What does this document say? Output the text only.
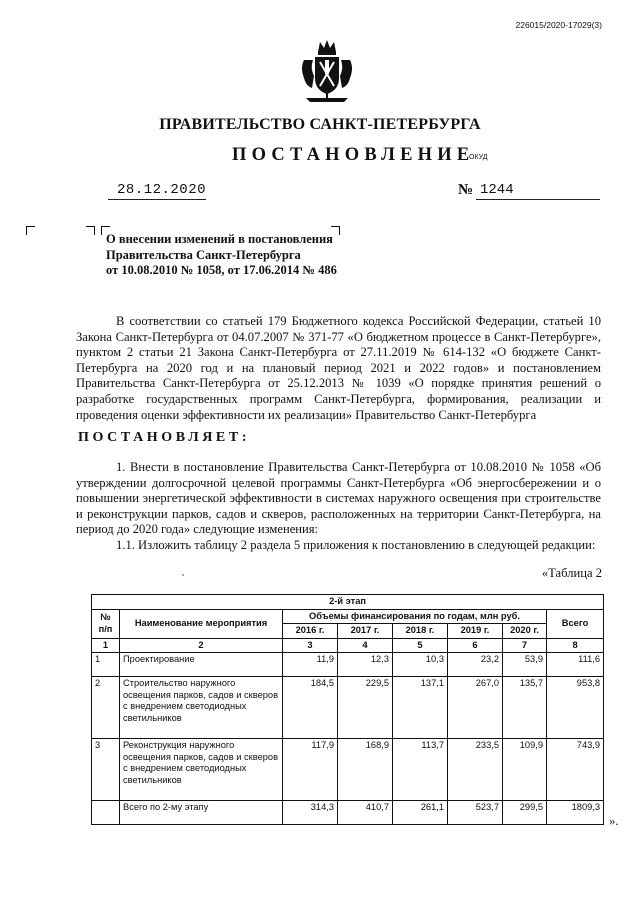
226015/2020-17029(3)
ПРАВИТЕЛЬСТВО САНКТ-ПЕТЕРБУРГА
ПОСТАНОВЛЕНИЕ
ОКУД
28.12.2020	№ 1244
О внесении изменений в постановления
Правительства Санкт-Петербурга
от 10.08.2010 № 1058, от 17.06.2014 № 486

В соответствии со статьей 179 Бюджетного кодекса Российской Федерации, статьей 10 Закона Санкт-Петербурга от 04.07.2007 № 371-77 «О бюджетном процессе в Санкт-Петербурге», пунктом 2 статьи 21 Закона Санкт-Петербурга от 27.11.2019 № 614-132 «О бюджете Санкт-Петербурга на 2020 год и на плановый период 2021 и 2022 годов» и постановлением Правительства Санкт-Петербурга от 25.12.2013 № 1039 «О порядке принятия решений о разработке государственных программ Санкт-Петербурга, формирования, реализации и проведения оценки эффективности их реализации» Правительство Санкт-Петербурга

ПОСТАНОВЛЯЕТ:

1. Внести в постановление Правительства Санкт-Петербурга от 10.08.2010 № 1058 «Об утверждении долгосрочной целевой программы Санкт-Петербурга «Об энергосбережении и о повышении энергетической эффективности в системах наружного освещения при строительстве и реконструкции парков, садов и скверов, расположенных на территории Санкт-Петербурга, на период до 2020 года» следующие изменения:

1.1. Изложить таблицу 2 раздела 5 приложения к постановлению в следующей редакции:

«Таблица 2
2-й этап							
№ п/п	Наименование мероприятия	Объемы финансирования по годам, млн руб.					Всего
		2016 г.	2017 г.	2018 г.	2019 г.	2020 г.	
1	2	3	4	5	6	7	8
1	Проектирование	11,9	12,3	10,3	23,2	53,9	111,6
2	Строительство наружного освещения парков, садов и скверов с внедрением светодиодных светильников	184,5	229,5	137,1	267,0	135,7	953,8
3	Реконструкция наружного освещения парков, садов и скверов с внедрением светодиодных светильников	117,9	168,9	113,7	233,5	109,9	743,9
	Всего по 2-му этапу	314,3	410,7	261,1	523,7	299,5	1809,3
».
